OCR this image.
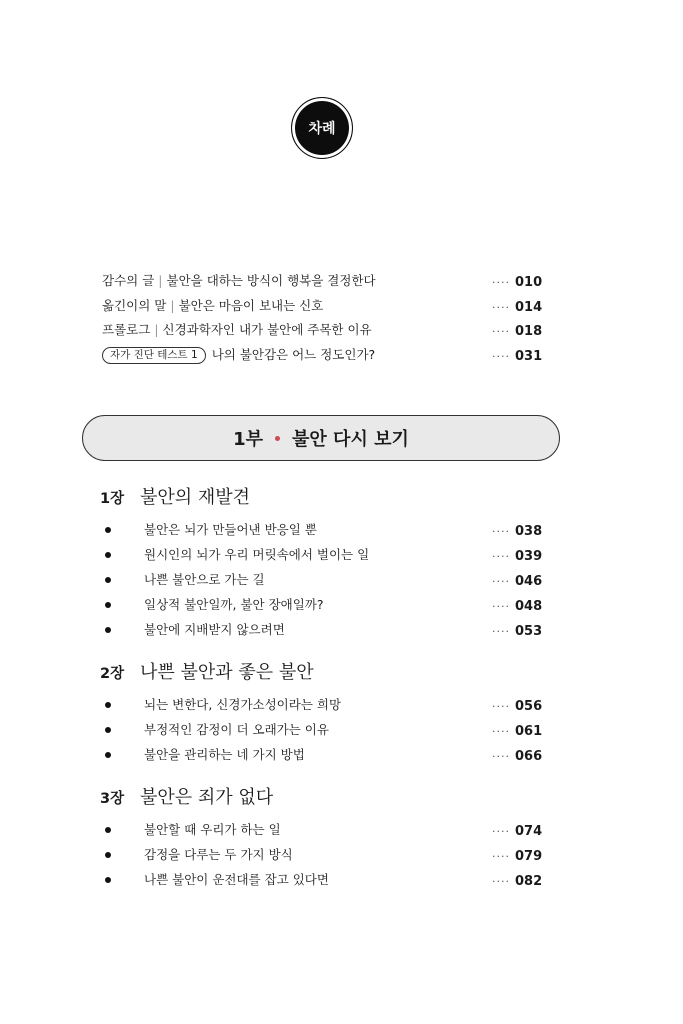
차례
감수의 글 | 불안을 대하는 방식이 행복을 결정한다	···· 010
옮긴이의 말 | 불안은 마음이 보내는 신호	···· 014
프롤로그 | 신경과학자인 내가 불안에 주목한 이유	···· 018
자가 진단 테스트 1 나의 불안감은 어느 정도인가?	···· 031
1부 불안 다시 보기
1장 불안의 재발견
불안은 뇌가 만들어낸 반응일 뿐	···· 038
원시인의 뇌가 우리 머릿속에서 벌이는 일	···· 039
나쁜 불안으로 가는 길	···· 046
일상적 불안일까, 불안 장애일까?	···· 048
불안에 지배받지 않으려면	···· 053
2장 나쁜 불안과 좋은 불안
뇌는 변한다, 신경가소성이라는 희망	···· 056
부정적인 감정이 더 오래가는 이유	···· 061
불안을 관리하는 네 가지 방법	···· 066
3장 불안은 죄가 없다
불안할 때 우리가 하는 일	···· 074
감정을 다루는 두 가지 방식	···· 079
나쁜 불안이 운전대를 잡고 있다면	···· 082
